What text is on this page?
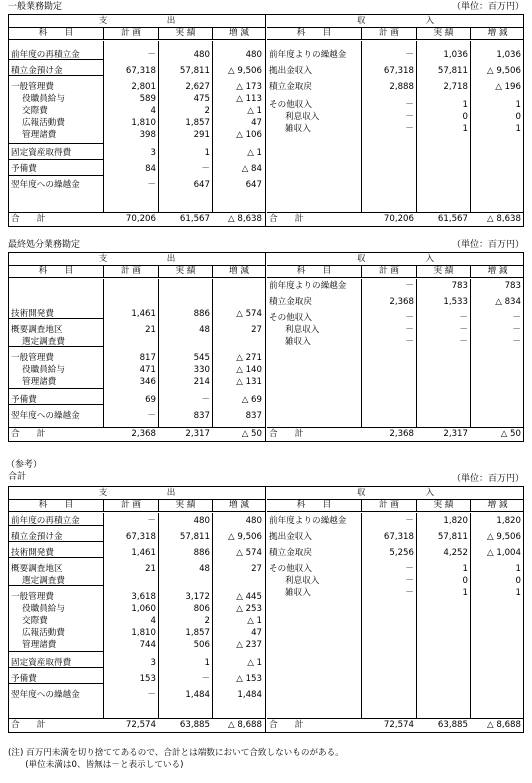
一般業務勘定	（単位：百万円）
支	出
科　　目	計 画	実 績	増 減
前年度の再積立金	－	480	480
積立金預け金	67,318	57,811	△ 9,506
一般管理費	2,801	2,627	△ 173
役職員給与	589	475	△ 113
交際費	4	2	△ 1
広報活動費	1,810	1,857	47
管理諸費	398	291	△ 106
固定資産取得費	3	1	△ 1
予備費	84	－	△ 84
翌年度への繰越金	－	647	647
合　　計	70,206	61,567	△ 8,638
収	入
科　　目	計 画	実 績	増 減
前年度よりの繰越金	－	1,036	1,036
拠出金収入	67,318	57,811	△ 9,506
積立金取戻	2,888	2,718	△ 196
その他収入	－	1	1
利息収入	－	0	0
雑収入	－	1	1
合　　計	70,206	61,567	△ 8,638
最終処分業務勘定	（単位：百万円）
支	出
科　　目	計 画	実 績	増 減
技術開発費	1,461	886	△ 574
概要調査地区	21	48	27
選定調査費
一般管理費	817	545	△ 271
役職員給与	471	330	△ 140
管理諸費	346	214	△ 131
予備費	69	－	△ 69
翌年度への繰越金	－	837	837
合　　計	2,368	2,317	△ 50
収	入
科　　目	計 画	実 績	増 減
前年度よりの繰越金	－	783	783
積立金取戻	2,368	1,533	△ 834
その他収入	－	－	－
利息収入	－	－	－
雑収入	－	－	－
合　　計	2,368	2,317	△ 50
（参考）
合計	（単位：百万円）
支	出
科　　目	計 画	実 績	増 減
前年度の再積立金	－	480	480
積立金預け金	67,318	57,811	△ 9,506
技術開発費	1,461	886	△ 574
概要調査地区	21	48	27
選定調査費
一般管理費	3,618	3,172	△ 445
役職員給与	1,060	806	△ 253
交際費	4	2	△ 1
広報活動費	1,810	1,857	47
管理諸費	744	506	△ 237
固定資産取得費	3	1	△ 1
予備費	153	－	△ 153
翌年度への繰越金	－	1,484	1,484
合　　計	72,574	63,885	△ 8,688
収	入
科　　目	計 画	実 績	増 減
前年度よりの繰越金	－	1,820	1,820
拠出金収入	67,318	57,811	△ 9,506
積立金取戻	5,256	4,252	△ 1,004
その他収入	－	1	1
利息収入	－	0	0
雑収入	－	1	1
合　　計	72,574	63,885	△ 8,688
(注) 百万円未満を切り捨ててあるので、合計とは端数において合致しないものがある。
　　(単位未満は0、皆無は－と表示している)
